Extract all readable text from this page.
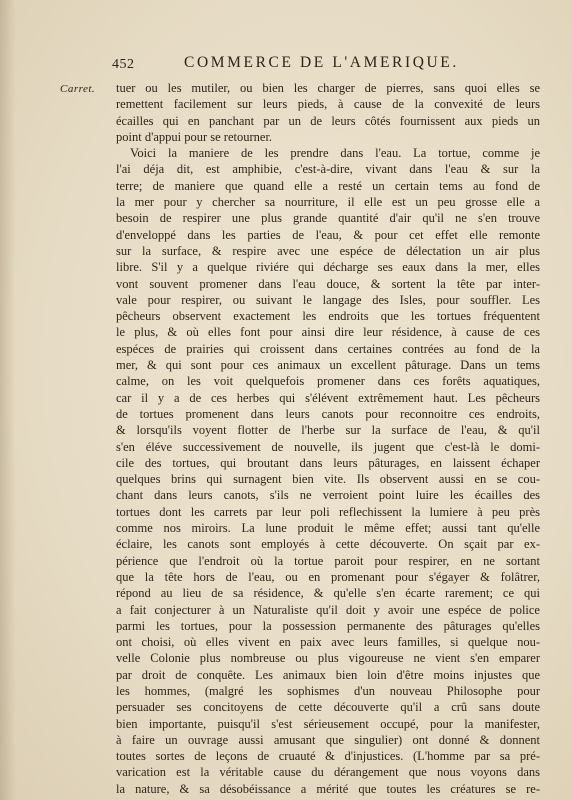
452	COMMERCE DE L'AMERIQUE.
Carret. tuer ou les mutiler, ou bien les charger de pierres, sans quoi elles se
remettent facilement sur leurs pieds, à cause de la convexité de leurs
écailles qui en panchant par un de leurs côtés fournissent aux pieds un
point d'appui pour se retourner.
Voici la maniere de les prendre dans l'eau. La tortue, comme je
l'ai déja dit, est amphibie, c'est-à-dire, vivant dans l'eau & sur la
terre; de maniere que quand elle a resté un certain tems au fond de
la mer pour y chercher sa nourriture, il elle est un peu grosse elle a
besoin de respirer une plus grande quantité d'air qu'il ne s'en trouve
d'enveloppé dans les parties de l'eau, & pour cet effet elle remonte
sur la surface, & respire avec une espéce de délectation un air plus
libre. S'il y a quelque riviére qui décharge ses eaux dans la mer, elles
vont souvent promener dans l'eau douce, & sortent la tête par inter-
vale pour respirer, ou suivant le langage des Isles, pour souffler. Les
pêcheurs observent exactement les endroits que les tortues fréquentent
le plus, & où elles font pour ainsi dire leur résidence, à cause de ces
espéces de prairies qui croissent dans certaines contrées au fond de la
mer, & qui sont pour ces animaux un excellent pâturage. Dans un tems
calme, on les voit quelquefois promener dans ces forêts aquatiques,
car il y a de ces herbes qui s'élévent extrêmement haut. Les pêcheurs
de tortues promenent dans leurs canots pour reconnoitre ces endroits,
& lorsqu'ils voyent flotter de l'herbe sur la surface de l'eau, & qu'il
s'en éléve successivement de nouvelle, ils jugent que c'est-là le domi-
cile des tortues, qui broutant dans leurs pâturages, en laissent échaper
quelques brins qui surnagent bien vite. Ils observent aussi en se cou-
chant dans leurs canots, s'ils ne verroient point luire les écailles des
tortues dont les carrets par leur poli reflechissent la lumiere à peu près
comme nos miroirs. La lune produit le même effet; aussi tant qu'elle
éclaire, les canots sont employés à cette découverte. On sçait par ex-
périence que l'endroit où la tortue paroit pour respirer, en ne sortant
que la tête hors de l'eau, ou en promenant pour s'égayer & folâtrer,
répond au lieu de sa résidence, & qu'elle s'en écarte rarement; ce qui
a fait conjecturer à un Naturaliste qu'il doit y avoir une espéce de police
parmi les tortues, pour la possession permanente des pâturages qu'elles
ont choisi, où elles vivent en paix avec leurs familles, si quelque nou-
velle Colonie plus nombreuse ou plus vigoureuse ne vient s'en emparer
par droit de conquête. Les animaux bien loin d'être moins injustes que
les hommes, (malgré les sophismes d'un nouveau Philosophe pour
persuader ses concitoyens de cette découverte qu'il a crû sans doute
bien importante, puisqu'il s'est sérieusement occupé, pour la manifester,
à faire un ouvrage aussi amusant que singulier) ont donné & donnent
toutes sortes de leçons de cruauté & d'injustices. (L'homme par sa pré-
varication est la véritable cause du dérangement que nous voyons dans
la nature, & sa désobéissance a mérité que toutes les créatures se re-
